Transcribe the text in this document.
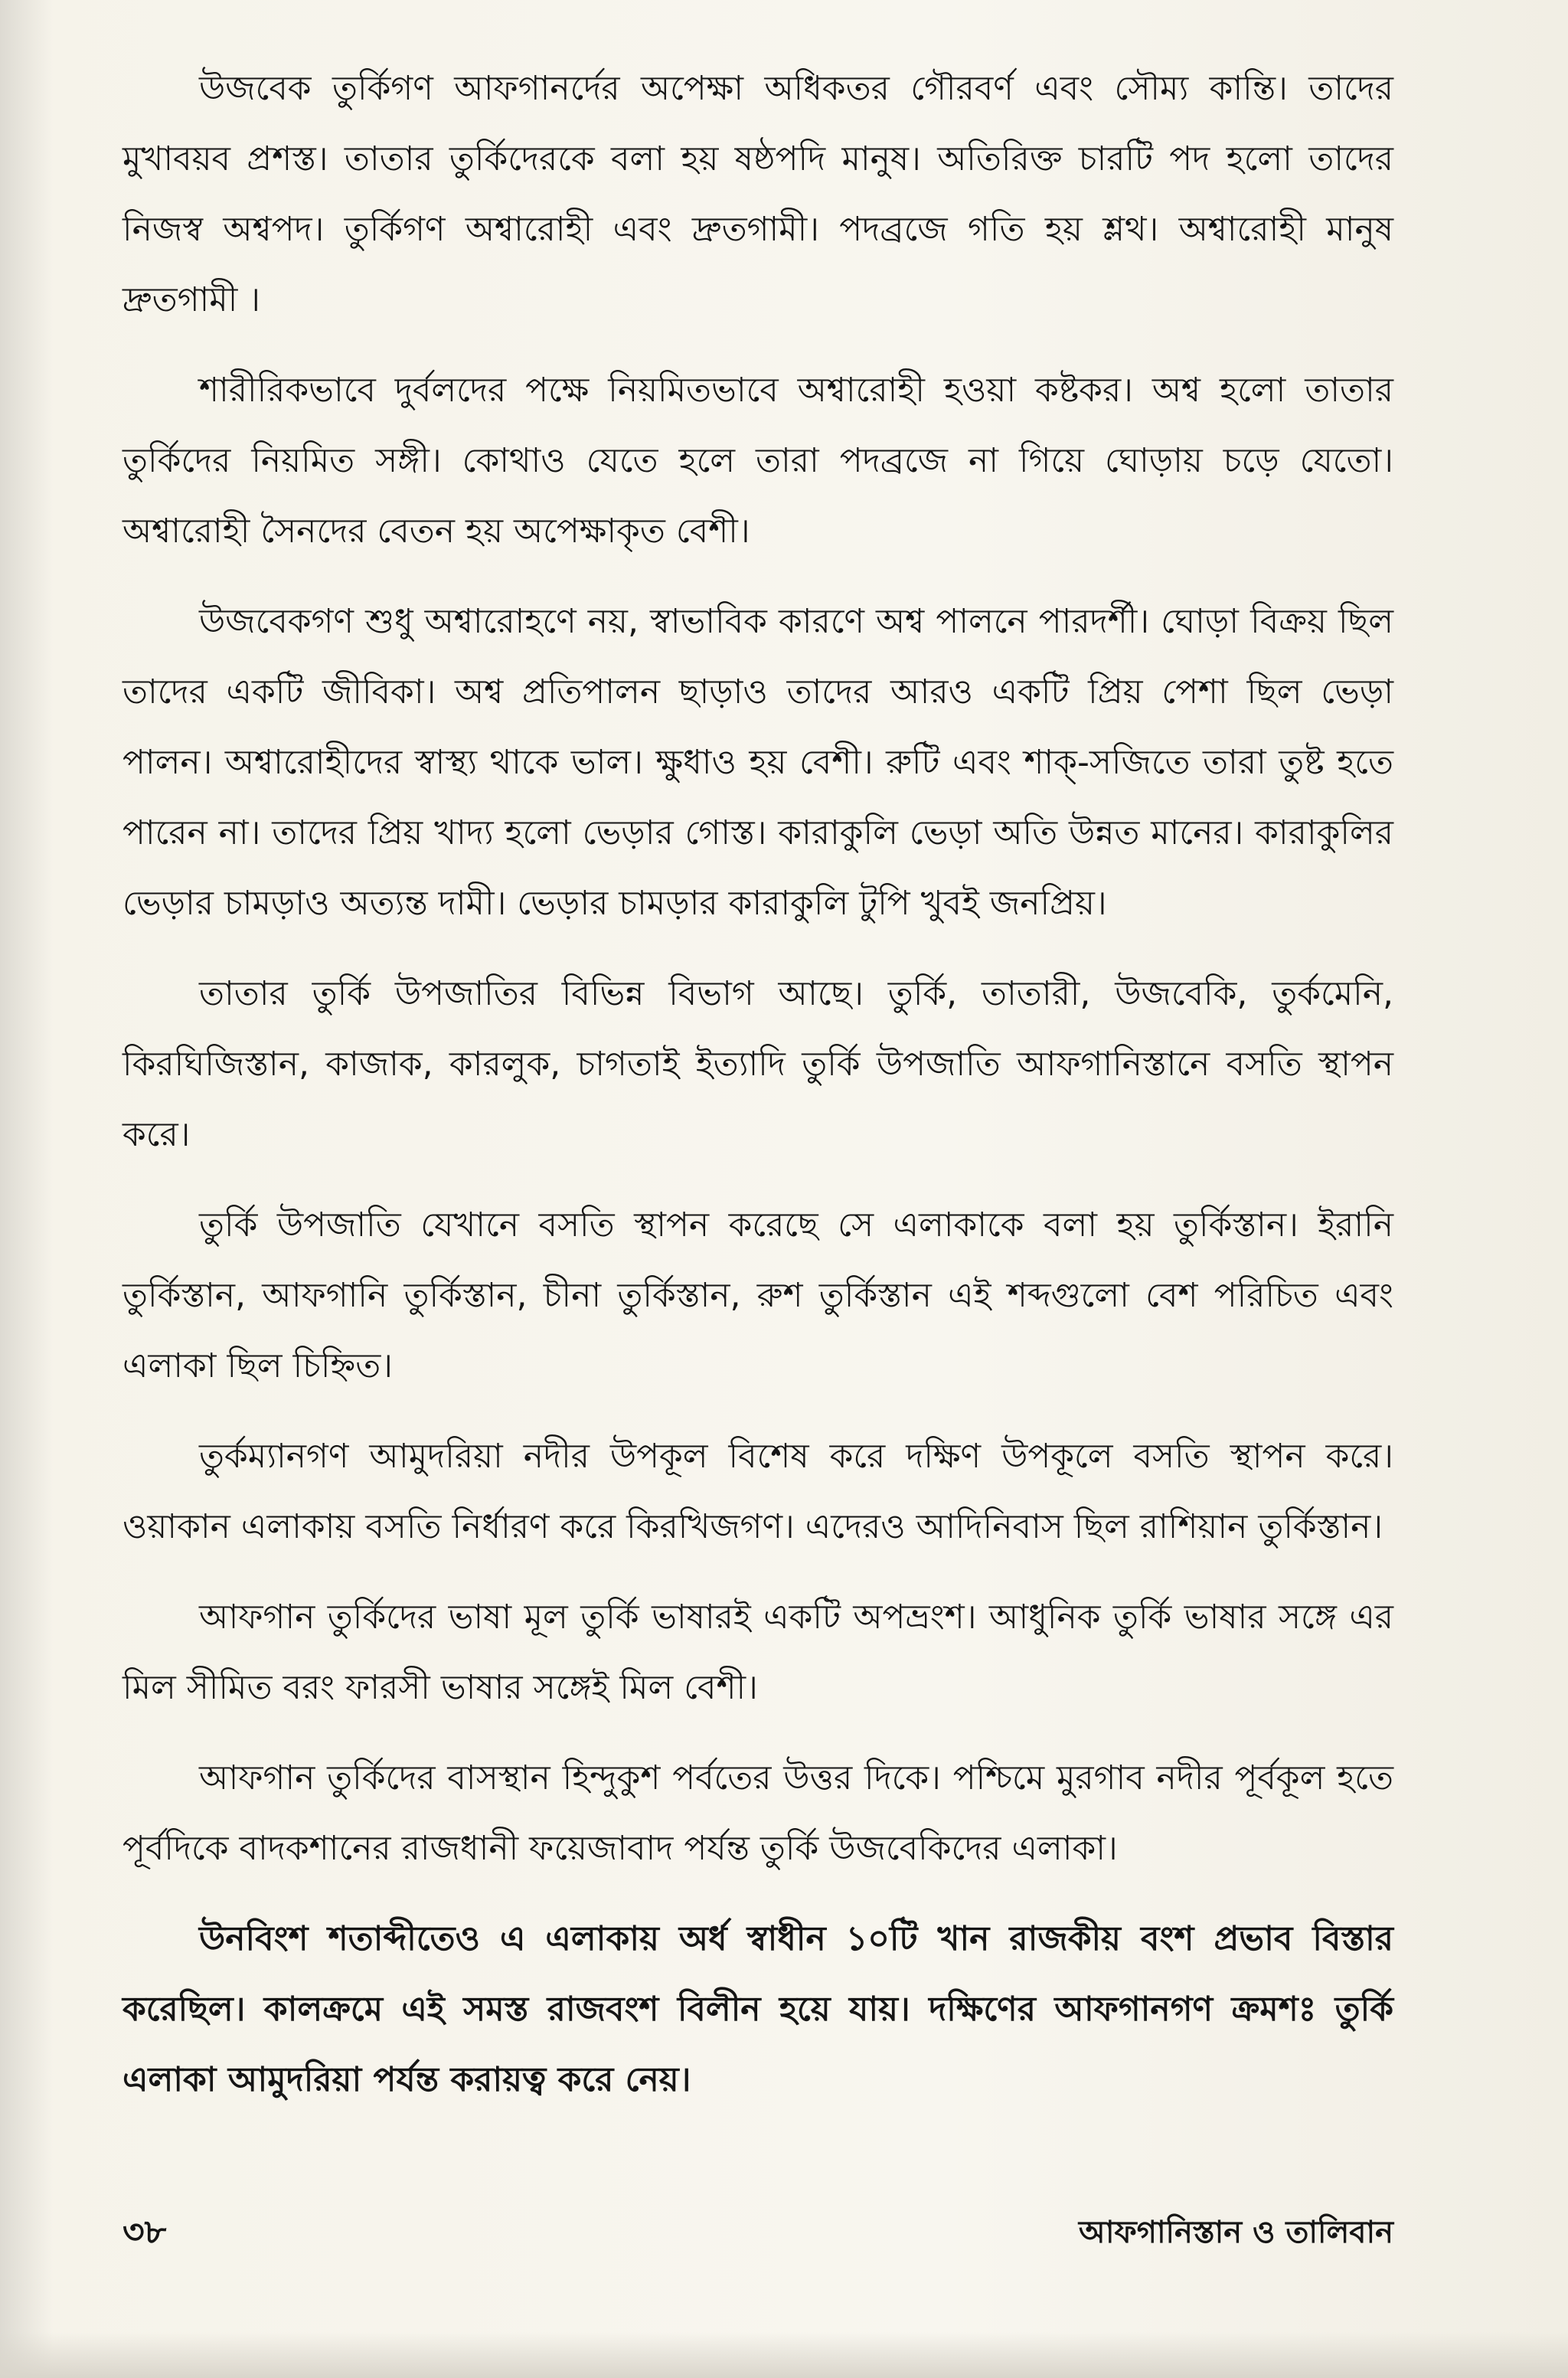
উজবেক তুর্কিগণ আফগানর্দের অপেক্ষা অধিকতর গৌরবর্ণ এবং সৌম্য কান্তি। তাদের মুখাবয়ব প্রশস্ত। তাতার তুর্কিদেরকে বলা হয় ষষ্ঠপদি মানুষ। অতিরিক্ত চারটি পদ হলো তাদের নিজস্ব অশ্বপদ। তুর্কিগণ অশ্বারোহী এবং দ্রুতগামী। পদব্রজে গতি হয় শ্লথ। অশ্বারোহী মানুষ দ্রুতগামী ।

শারীরিকভাবে দুর্বলদের পক্ষে নিয়মিতভাবে অশ্বারোহী হওয়া কষ্টকর। অশ্ব হলো তাতার তুর্কিদের নিয়মিত সঙ্গী। কোথাও যেতে হলে তারা পদব্রজে না গিয়ে ঘোড়ায় চড়ে যেতো। অশ্বারোহী সৈনদের বেতন হয় অপেক্ষাকৃত বেশী।

উজবেকগণ শুধু অশ্বারোহণে নয়, স্বাভাবিক কারণে অশ্ব পালনে পারদর্শী। ঘোড়া বিক্রয় ছিল তাদের একটি জীবিকা। অশ্ব প্রতিপালন ছাড়াও তাদের আরও একটি প্রিয় পেশা ছিল ভেড়া পালন। অশ্বারোহীদের স্বাস্থ্য থাকে ভাল। ক্ষুধাও হয় বেশী। রুটি এবং শাক্-সজিতে তারা তুষ্ট হতে পারেন না। তাদের প্রিয় খাদ্য হলো ভেড়ার গোস্ত। কারাকুলি ভেড়া অতি উন্নত মানের। কারাকুলির ভেড়ার চামড়াও অত্যন্ত দামী। ভেড়ার চামড়ার কারাকুলি টুপি খুবই জনপ্রিয়।

তাতার তুর্কি উপজাতির বিভিন্ন বিভাগ আছে। তুর্কি, তাতারী, উজবেকি, তুর্কমেনি, কিরঘিজিস্তান, কাজাক, কারলুক, চাগতাই ইত্যাদি তুর্কি উপজাতি আফগানিস্তানে বসতি স্থাপন করে।

তুর্কি উপজাতি যেখানে বসতি স্থাপন করেছে সে এলাকাকে বলা হয় তুর্কিস্তান। ইরানি তুর্কিস্তান, আফগানি তুর্কিস্তান, চীনা তুর্কিস্তান, রুশ তুর্কিস্তান এই শব্দগুলো বেশ পরিচিত এবং এলাকা ছিল চিহ্নিত।

তুর্কম্যানগণ আমুদরিয়া নদীর উপকূল বিশেষ করে দক্ষিণ উপকূলে বসতি স্থাপন করে। ওয়াকান এলাকায় বসতি নির্ধারণ করে কিরখিজগণ। এদেরও আদিনিবাস ছিল রাশিয়ান তুর্কিস্তান।

আফগান তুর্কিদের ভাষা মূল তুর্কি ভাষারই একটি অপভ্রংশ। আধুনিক তুর্কি ভাষার সঙ্গে এর মিল সীমিত বরং ফারসী ভাষার সঙ্গেই মিল বেশী।

আফগান তুর্কিদের বাসস্থান হিন্দুকুশ পর্বতের উত্তর দিকে। পশ্চিমে মুরগাব নদীর পূর্বকূল হতে পূর্বদিকে বাদকশানের রাজধানী ফয়েজাবাদ পর্যন্ত তুর্কি উজবেকিদের এলাকা।

উনবিংশ শতাব্দীতেও এ এলাকায় অর্ধ স্বাধীন ১০টি খান রাজকীয় বংশ প্রভাব বিস্তার করেছিল। কালক্রমে এই সমস্ত রাজবংশ বিলীন হয়ে যায়। দক্ষিণের আফগানগণ ক্রমশঃ তুর্কি এলাকা আমুদরিয়া পর্যন্ত করায়ত্ব করে নেয়।

৩৮	আফগানিস্তান ও তালিবান
